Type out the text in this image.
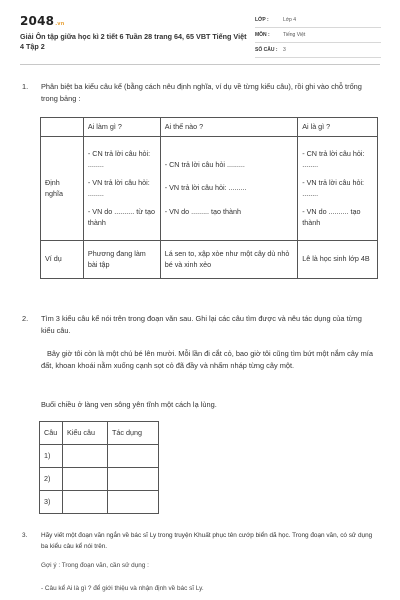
2048.vn
Giải Ôn tập giữa học kì 2 tiết 6 Tuần 28 trang 64, 65 VBT Tiếng Việt 4 Tập 2
LỚP :	Lớp 4
MÔN :	Tiếng Việt
SỐ CÂU : 3
1. Phân biệt ba kiểu câu kể (bằng cách nêu định nghĩa, ví dụ về từng kiểu câu), rồi ghi vào chỗ trống trong bảng :
	Ai làm gì ?	Ai thế nào ?	Ai là gì ?
Định nghĩa	- CN trả lời câu hỏi: ........
- VN trả lời câu hỏi: ........
- VN do .......... từ tạo thành	- CN trả lời câu hỏi .........
- VN trả lời câu hỏi: .........
- VN do ......... tạo thành	- CN trả lời câu hỏi: ........
- VN trả lời câu hỏi: ........
- VN do .......... tạo thành

Ví dụ	Phương đang làm bài tập	Lá sen to, xập xòe như một cây dù nhỏ bé và xinh xẻo	Lê là học sinh lớp 4B
2. Tìm 3 kiểu câu kể nói trên trong đoạn văn sau. Ghi lại các câu tìm được và nêu tác dụng của từng kiểu câu.
Bây giờ tôi còn là một chú bé lên mười. Mỗi lần đi cắt cỏ, bao giờ tôi cũng tìm bứt một nắm cây mía đất, khoan khoái nằm xuống cạnh sọt cỏ đã đầy và nhấm nháp từng cây một.
Buổi chiều ở làng ven sông yên tĩnh một cách lạ lùng.
Câu	Kiểu câu	Tác dụng
1)		
2)		
3)		
3. Hãy viết một đoạn văn ngắn về bác sĩ Ly trong truyện Khuất phục tên cướp biển dã học. Trong đoạn văn, có sử dụng ba kiểu câu kể nói trên.
Gợi ý : Trong đoạn văn, cần sử dụng :
- Câu kể Ai là gì ? để giới thiệu và nhận định về bác sĩ Ly.
